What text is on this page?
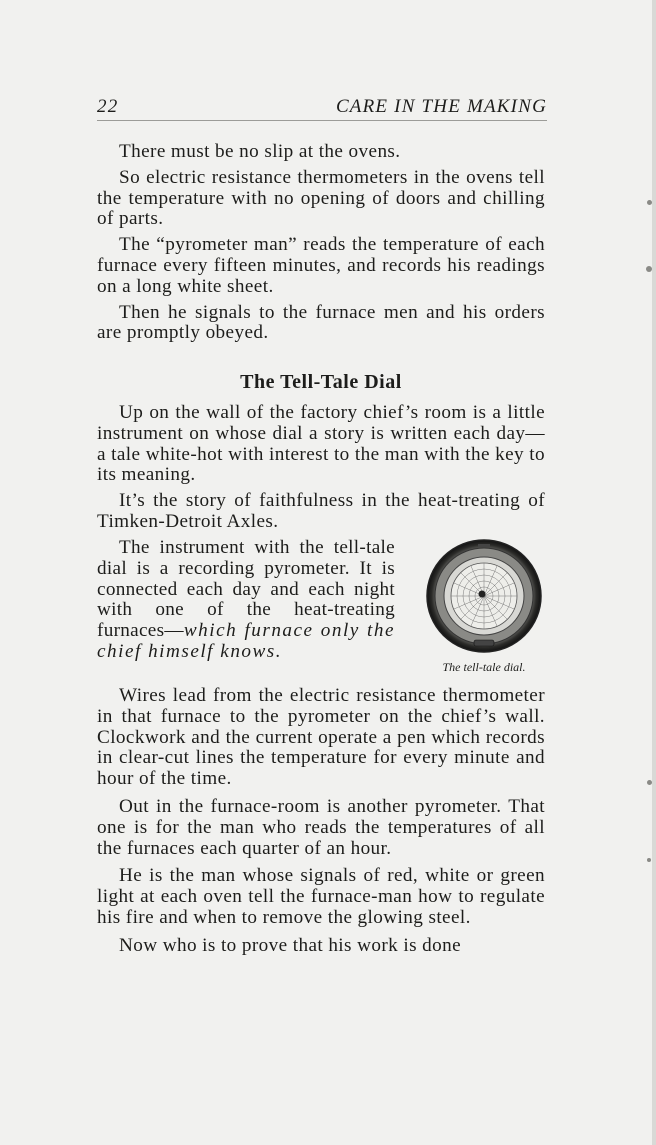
22	CARE IN THE MAKING

There must be no slip at the ovens.

So electric resistance thermometers in the ovens tell the temperature with no opening of doors and chilling of parts.

The “pyrometer man” reads the temperature of each furnace every fifteen minutes, and records his readings on a long white sheet.

Then he signals to the furnace men and his orders are promptly obeyed.

The Tell-Tale Dial

Up on the wall of the factory chief’s room is a little instrument on whose dial a story is written each day—a tale white-hot with interest to the man with the key to its meaning.

It’s the story of faithfulness in the heat-treating of Timken-Detroit Axles.

The instrument with the tell-tale dial is a recording pyrometer. It is connected each day and each night with one of the heat-treating furnaces—which furnace only the chief himself knows.

The tell-tale dial.

Wires lead from the electric resistance thermometer in that furnace to the pyrometer on the chief’s wall. Clockwork and the current operate a pen which records in clear-cut lines the temperature for every minute and hour of the time.

Out in the furnace-room is another pyrometer. That one is for the man who reads the temperatures of all the furnaces each quarter of an hour.

He is the man whose signals of red, white or green light at each oven tell the furnace-man how to regulate his fire and when to remove the glowing steel.

Now who is to prove that his work is done
